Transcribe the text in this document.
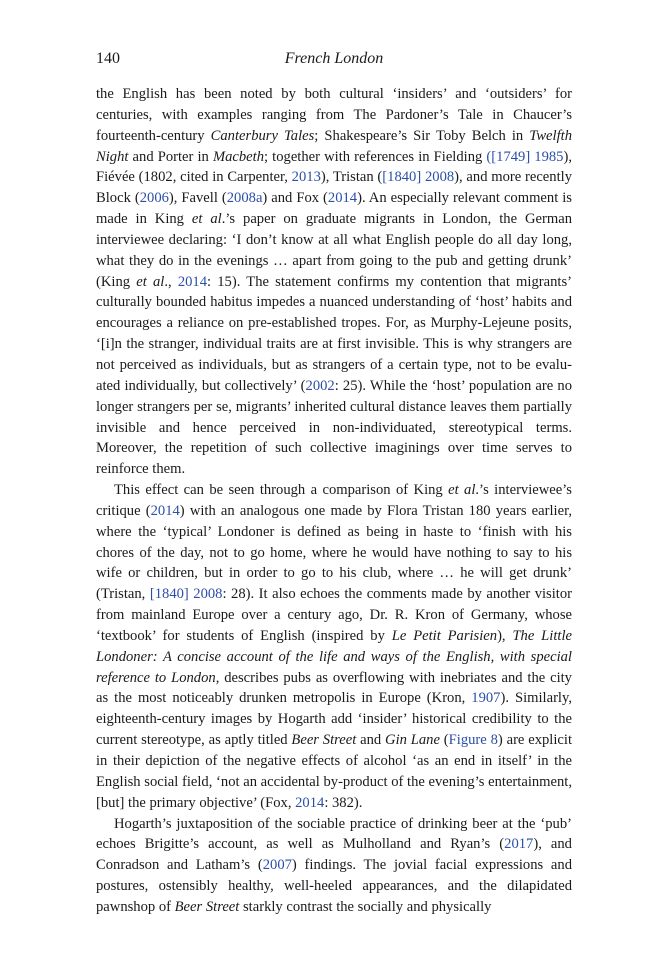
140	French London

the English has been noted by both cultural ‘insiders’ and ‘outsiders’ for centuries, with examples ranging from The Pardoner’s Tale in Chaucer’s fourteenth-century Canterbury Tales; Shakespeare’s Sir Toby Belch in Twelfth Night and Porter in Macbeth; together with references in Fielding ([1749] 1985), Fiévée (1802, cited in Carpenter, 2013), Tristan ([1840] 2008), and more recently Block (2006), Favell (2008a) and Fox (2014). An especially relevant comment is made in King et al.’s paper on graduate migrants in London, the German interviewee declaring: ‘I don’t know at all what English people do all day long, what they do in the evenings … apart from going to the pub and getting drunk’ (King et al., 2014: 15). The statement confirms my contention that migrants’ culturally bounded habitus impedes a nuanced understanding of ‘host’ habits and encourages a reliance on pre-established tropes. For, as Murphy-Lejeune posits, ‘[i]n the stranger, individual traits are at first invisible. This is why strangers are not perceived as individuals, but as strangers of a certain type, not to be evaluated individually, but collectively’ (2002: 25). While the ‘host’ population are no longer strangers per se, migrants’ inherited cultural distance leaves them partially invisible and hence perceived in non-individuated, stereotypical terms. Moreover, the repetition of such collective imaginings over time serves to reinforce them.

This effect can be seen through a comparison of King et al.’s interviewee’s critique (2014) with an analogous one made by Flora Tristan 180 years earlier, where the ‘typical’ Londoner is defined as being in haste to ‘finish with his chores of the day, not to go home, where he would have nothing to say to his wife or children, but in order to go to his club, where … he will get drunk’ (Tristan, [1840] 2008: 28). It also echoes the comments made by another visitor from mainland Europe over a century ago, Dr. R. Kron of Germany, whose ‘textbook’ for students of English (inspired by Le Petit Parisien), The Little Londoner: A concise account of the life and ways of the English, with special reference to London, describes pubs as overflowing with inebriates and the city as the most noticeably drunken metropolis in Europe (Kron, 1907). Similarly, eighteenth-century images by Hogarth add ‘insider’ historical credibility to the current stereotype, as aptly titled Beer Street and Gin Lane (Figure 8) are explicit in their depiction of the negative effects of alcohol ‘as an end in itself’ in the English social field, ‘not an accidental by-product of the evening’s entertainment, [but] the primary objective’ (Fox, 2014: 382).

Hogarth’s juxtaposition of the sociable practice of drinking beer at the ‘pub’ echoes Brigitte’s account, as well as Mulholland and Ryan’s (2017), and Conradson and Latham’s (2007) findings. The jovial facial expressions and postures, ostensibly healthy, well-heeled appearances, and the dilapidated pawnshop of Beer Street starkly contrast the socially and physically
